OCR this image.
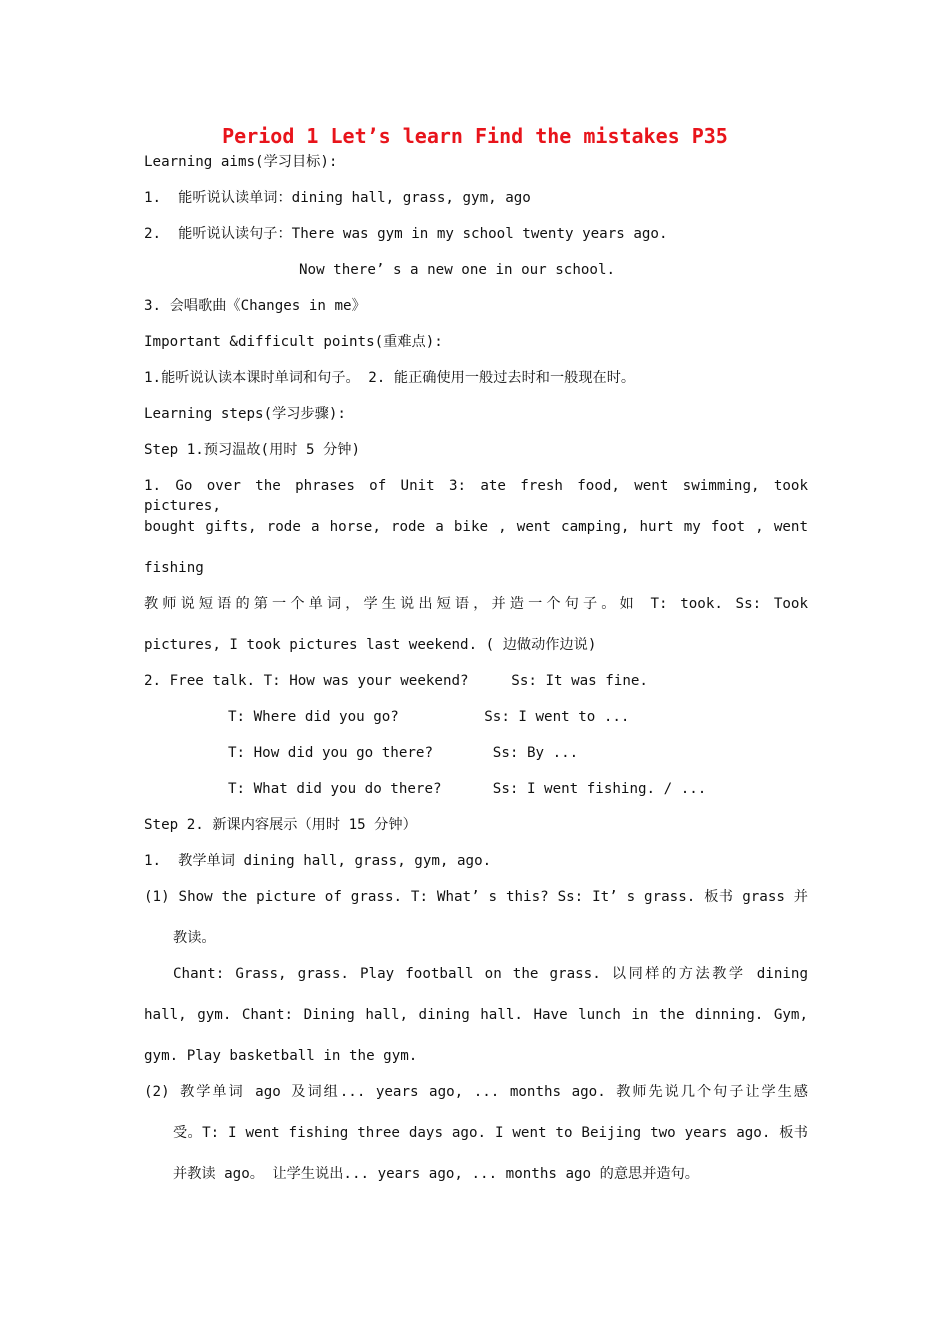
Period 1 Let’s learn Find the mistakes P35
Learning aims(学习目标):
1.  能听说认读单词：dining hall, grass, gym, ago
2.  能听说认读句子：There was gym in my school twenty years ago.
Now there’ s a new one in our school.
3. 会唱歌曲《Changes in me》
Important &difficult points(重难点):
1.能听说认读本课时单词和句子。 2. 能正确使用一般过去时和一般现在时。
Learning steps(学习步骤):
Step 1.预习温故(用时 5 分钟)
1. Go over the phrases of Unit 3: ate fresh food, went swimming, took pictures,
bought gifts, rode a horse, rode a bike , went camping, hurt my foot , went
fishing
教师说短语的第一个单词，学生说出短语，并造一个句子。如 T: took. Ss: Took
pictures, I took pictures last weekend. ( 边做动作边说)
2. Free talk. T: How was your weekend?     Ss: It was fine.
T: Where did you go?          Ss: I went to ...
T: How did you go there?       Ss: By ...
T: What did you do there?      Ss: I went fishing. / ...
Step 2. 新课内容展示（用时 15 分钟）
1.  教学单词 dining hall, grass, gym, ago.
(1) Show the picture of grass. T: What’ s this? Ss: It’ s grass. 板书 grass 并
教读。
Chant: Grass, grass. Play football on the grass. 以同样的方法教学 dining
hall, gym. Chant: Dining hall, dining hall. Have lunch in the dinning. Gym,
gym. Play basketball in the gym.
(2) 教学单词 ago 及词组... years ago, ... months ago. 教师先说几个句子让学生感
受。T: I went fishing three days ago. I went to Beijing two years ago. 板书
并教读 ago。 让学生说出... years ago, ... months ago 的意思并造句。
